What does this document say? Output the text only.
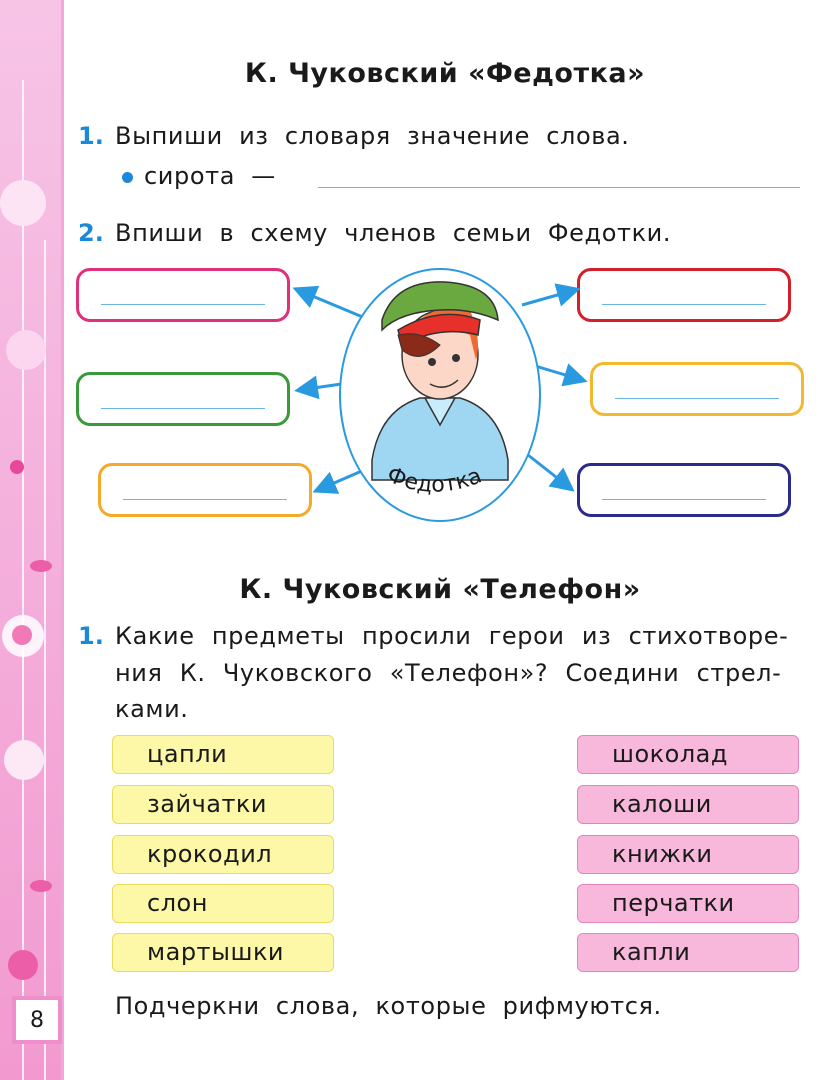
8
К. Чуковский «Федотка»
1. Выпиши из словаря значение слова.
сирота —
2. Впиши в схему членов семьи Федотки.
Федотка
К. Чуковский «Телефон»
1. Какие предметы просили герои из стихотворе-
ния К. Чуковского «Телефон»? Соедини стрел-
ками.
цапли
зайчатки
крокодил
слон
мартышки
шоколад
калоши
книжки
перчатки
капли
Подчеркни слова, которые рифмуются.
